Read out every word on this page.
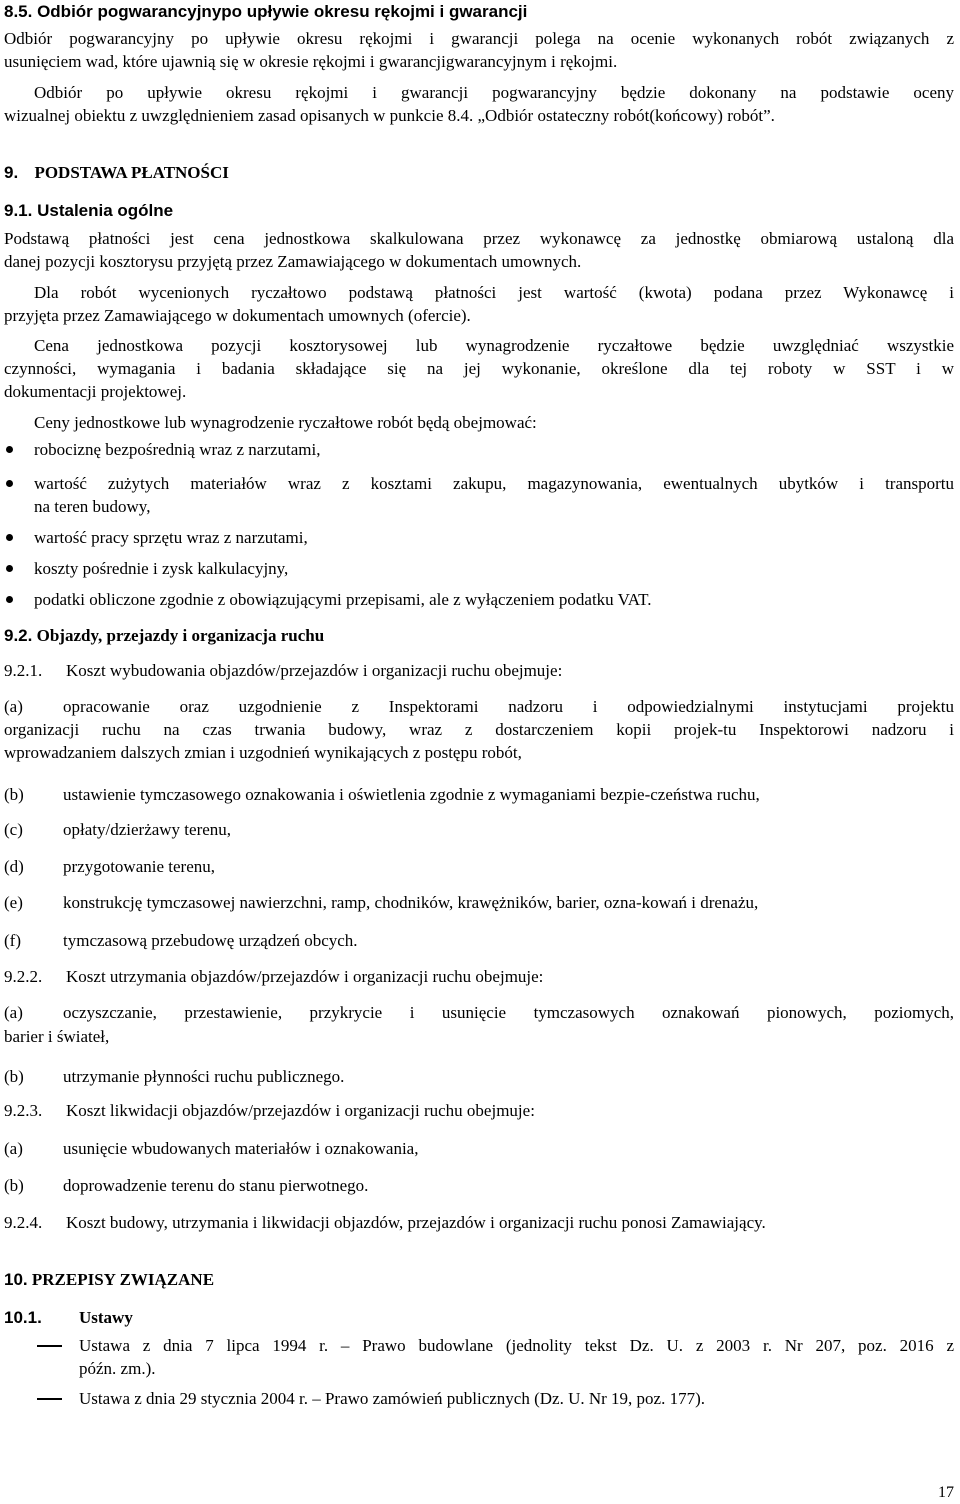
8.5. Odbiór pogwarancyjnypo upływie okresu rękojmi i gwarancji
Odbiór pogwarancyjny po upływie okresu rękojmi i gwarancji polega na ocenie wykonanych robót związanych z
usunięciem wad, które ujawnią się w okresie rękojmi i gwarancjigwarancyjnym i rękojmi.
Odbiór po upływie okresu rękojmi i gwarancji pogwarancyjny będzie dokonany na podstawie oceny
wizualnej obiektu z uwzględnieniem zasad opisanych w punkcie 8.4. „Odbiór ostateczny robót(końcowy) robót”.
9. PODSTAWA PŁATNOŚCI
9.1. Ustalenia ogólne
Podstawą płatności jest cena jednostkowa skalkulowana przez wykonawcę za jednostkę obmiarową ustaloną dla
danej pozycji kosztorysu przyjętą przez Zamawiającego w dokumentach umownych.
Dla robót wycenionych ryczałtowo podstawą płatności jest wartość (kwota) podana przez Wykonawcę i
przyjęta przez Zamawiającego w dokumentach umownych (ofercie).
Cena jednostkowa pozycji kosztorysowej lub wynagrodzenie ryczałtowe będzie uwzględniać wszystkie
czynności, wymagania i badania składające się na jej wykonanie, określone dla tej roboty w SST i w
dokumentacji projektowej.
Ceny jednostkowe lub wynagrodzenie ryczałtowe robót będą obejmować:
robociznę bezpośrednią wraz z narzutami,
wartość zużytych materiałów wraz z kosztami zakupu, magazynowania, ewentualnych ubytków i transportu
na teren budowy,
wartość pracy sprzętu wraz z narzutami,
koszty pośrednie i zysk kalkulacyjny,
podatki obliczone zgodnie z obowiązującymi przepisami, ale z wyłączeniem podatku VAT.
9.2. Objazdy, przejazdy i organizacja ruchu
9.2.1. Koszt wybudowania objazdów/przejazdów i organizacji ruchu obejmuje:
(a) opracowanie oraz uzgodnienie z Inspektorami nadzoru i odpowiedzialnymi instytucjami projektu
organizacji ruchu na czas trwania budowy, wraz z dostarczeniem kopii projek-tu Inspektorowi nadzoru i
wprowadzaniem dalszych zmian i uzgodnień wynikających z postępu robót,
(b) ustawienie tymczasowego oznakowania i oświetlenia zgodnie z wymaganiami bezpie-czeństwa ruchu,
(c) opłaty/dzierżawy terenu,
(d) przygotowanie terenu,
(e) konstrukcję tymczasowej nawierzchni, ramp, chodników, krawężników, barier, ozna-kowań i drenażu,
(f) tymczasową przebudowę urządzeń obcych.
9.2.2. Koszt utrzymania objazdów/przejazdów i organizacji ruchu obejmuje:
(a) oczyszczanie, przestawienie, przykrycie i usunięcie tymczasowych oznakowań pionowych, poziomych,
barier i świateł,
(b) utrzymanie płynności ruchu publicznego.
9.2.3. Koszt likwidacji objazdów/przejazdów i organizacji ruchu obejmuje:
(a) usunięcie wbudowanych materiałów i oznakowania,
(b) doprowadzenie terenu do stanu pierwotnego.
9.2.4. Koszt budowy, utrzymania i likwidacji objazdów, przejazdów i organizacji ruchu ponosi Zamawiający.
10. PRZEPISY ZWIĄZANE
10.1. Ustawy
Ustawa z dnia 7 lipca 1994 r. – Prawo budowlane (jednolity tekst Dz. U. z 2003 r. Nr 207, poz. 2016 z
późn. zm.).
Ustawa z dnia 29 stycznia 2004 r. – Prawo zamówień publicznych (Dz. U. Nr 19, poz. 177).
17
